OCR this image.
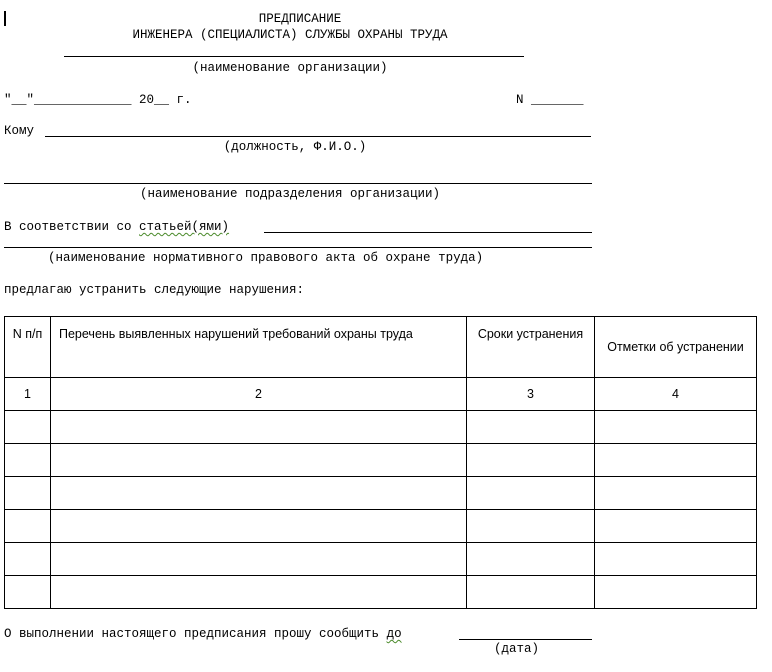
ПРЕДПИСАНИЕ
ИНЖЕНЕРА (СПЕЦИАЛИСТА) СЛУЖБЫ ОХРАНЫ ТРУДА
(наименование организации)
"__"_____________ 20__ г.	N _______
Кому
(должность, Ф.И.О.)
(наименование подразделения организации)
В соответствии со статьей(ями)
(наименование нормативного правового акта об охране труда)
предлагаю устранить следующие нарушения:
N п/п	Перечень выявленных нарушений требований охраны труда	Сроки устранения	Отметки об устранении
1	2	3	4

О выполнении настоящего предписания прошу сообщить до
(дата)
